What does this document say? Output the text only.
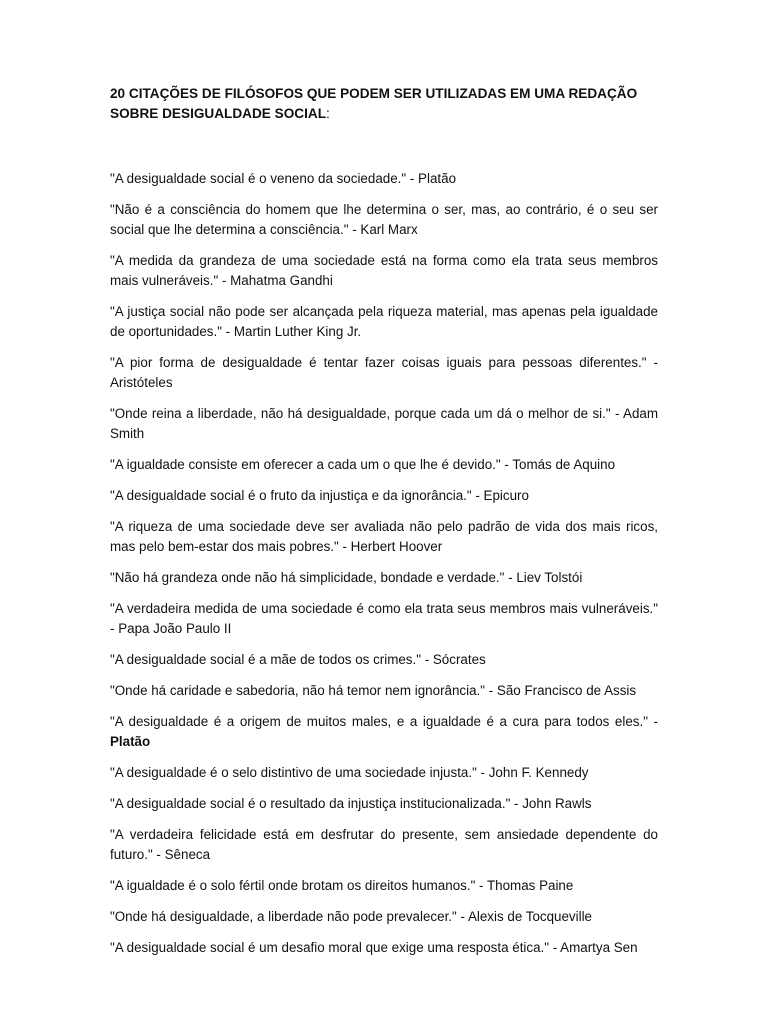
20 CITAÇÕES DE FILÓSOFOS QUE PODEM SER UTILIZADAS EM UMA REDAÇÃO SOBRE DESIGUALDADE SOCIAL:

"A desigualdade social é o veneno da sociedade." - Platão

"Não é a consciência do homem que lhe determina o ser, mas, ao contrário, é o seu ser social que lhe determina a consciência." - Karl Marx

"A medida da grandeza de uma sociedade está na forma como ela trata seus membros mais vulneráveis." - Mahatma Gandhi

"A justiça social não pode ser alcançada pela riqueza material, mas apenas pela igualdade de oportunidades." - Martin Luther King Jr.

"A pior forma de desigualdade é tentar fazer coisas iguais para pessoas diferentes." - Aristóteles

"Onde reina a liberdade, não há desigualdade, porque cada um dá o melhor de si." - Adam Smith

"A igualdade consiste em oferecer a cada um o que lhe é devido." - Tomás de Aquino

"A desigualdade social é o fruto da injustiça e da ignorância." - Epicuro

"A riqueza de uma sociedade deve ser avaliada não pelo padrão de vida dos mais ricos, mas pelo bem-estar dos mais pobres." - Herbert Hoover

"Não há grandeza onde não há simplicidade, bondade e verdade." - Liev Tolstói

"A verdadeira medida de uma sociedade é como ela trata seus membros mais vulneráveis." - Papa João Paulo II

"A desigualdade social é a mãe de todos os crimes." - Sócrates

"Onde há caridade e sabedoria, não há temor nem ignorância." - São Francisco de Assis

"A desigualdade é a origem de muitos males, e a igualdade é a cura para todos eles." - Platão

"A desigualdade é o selo distintivo de uma sociedade injusta." - John F. Kennedy

"A desigualdade social é o resultado da injustiça institucionalizada." - John Rawls

"A verdadeira felicidade está em desfrutar do presente, sem ansiedade dependente do futuro." - Sêneca

"A igualdade é o solo fértil onde brotam os direitos humanos." - Thomas Paine

"Onde há desigualdade, a liberdade não pode prevalecer." - Alexis de Tocqueville

"A desigualdade social é um desafio moral que exige uma resposta ética." - Amartya Sen
